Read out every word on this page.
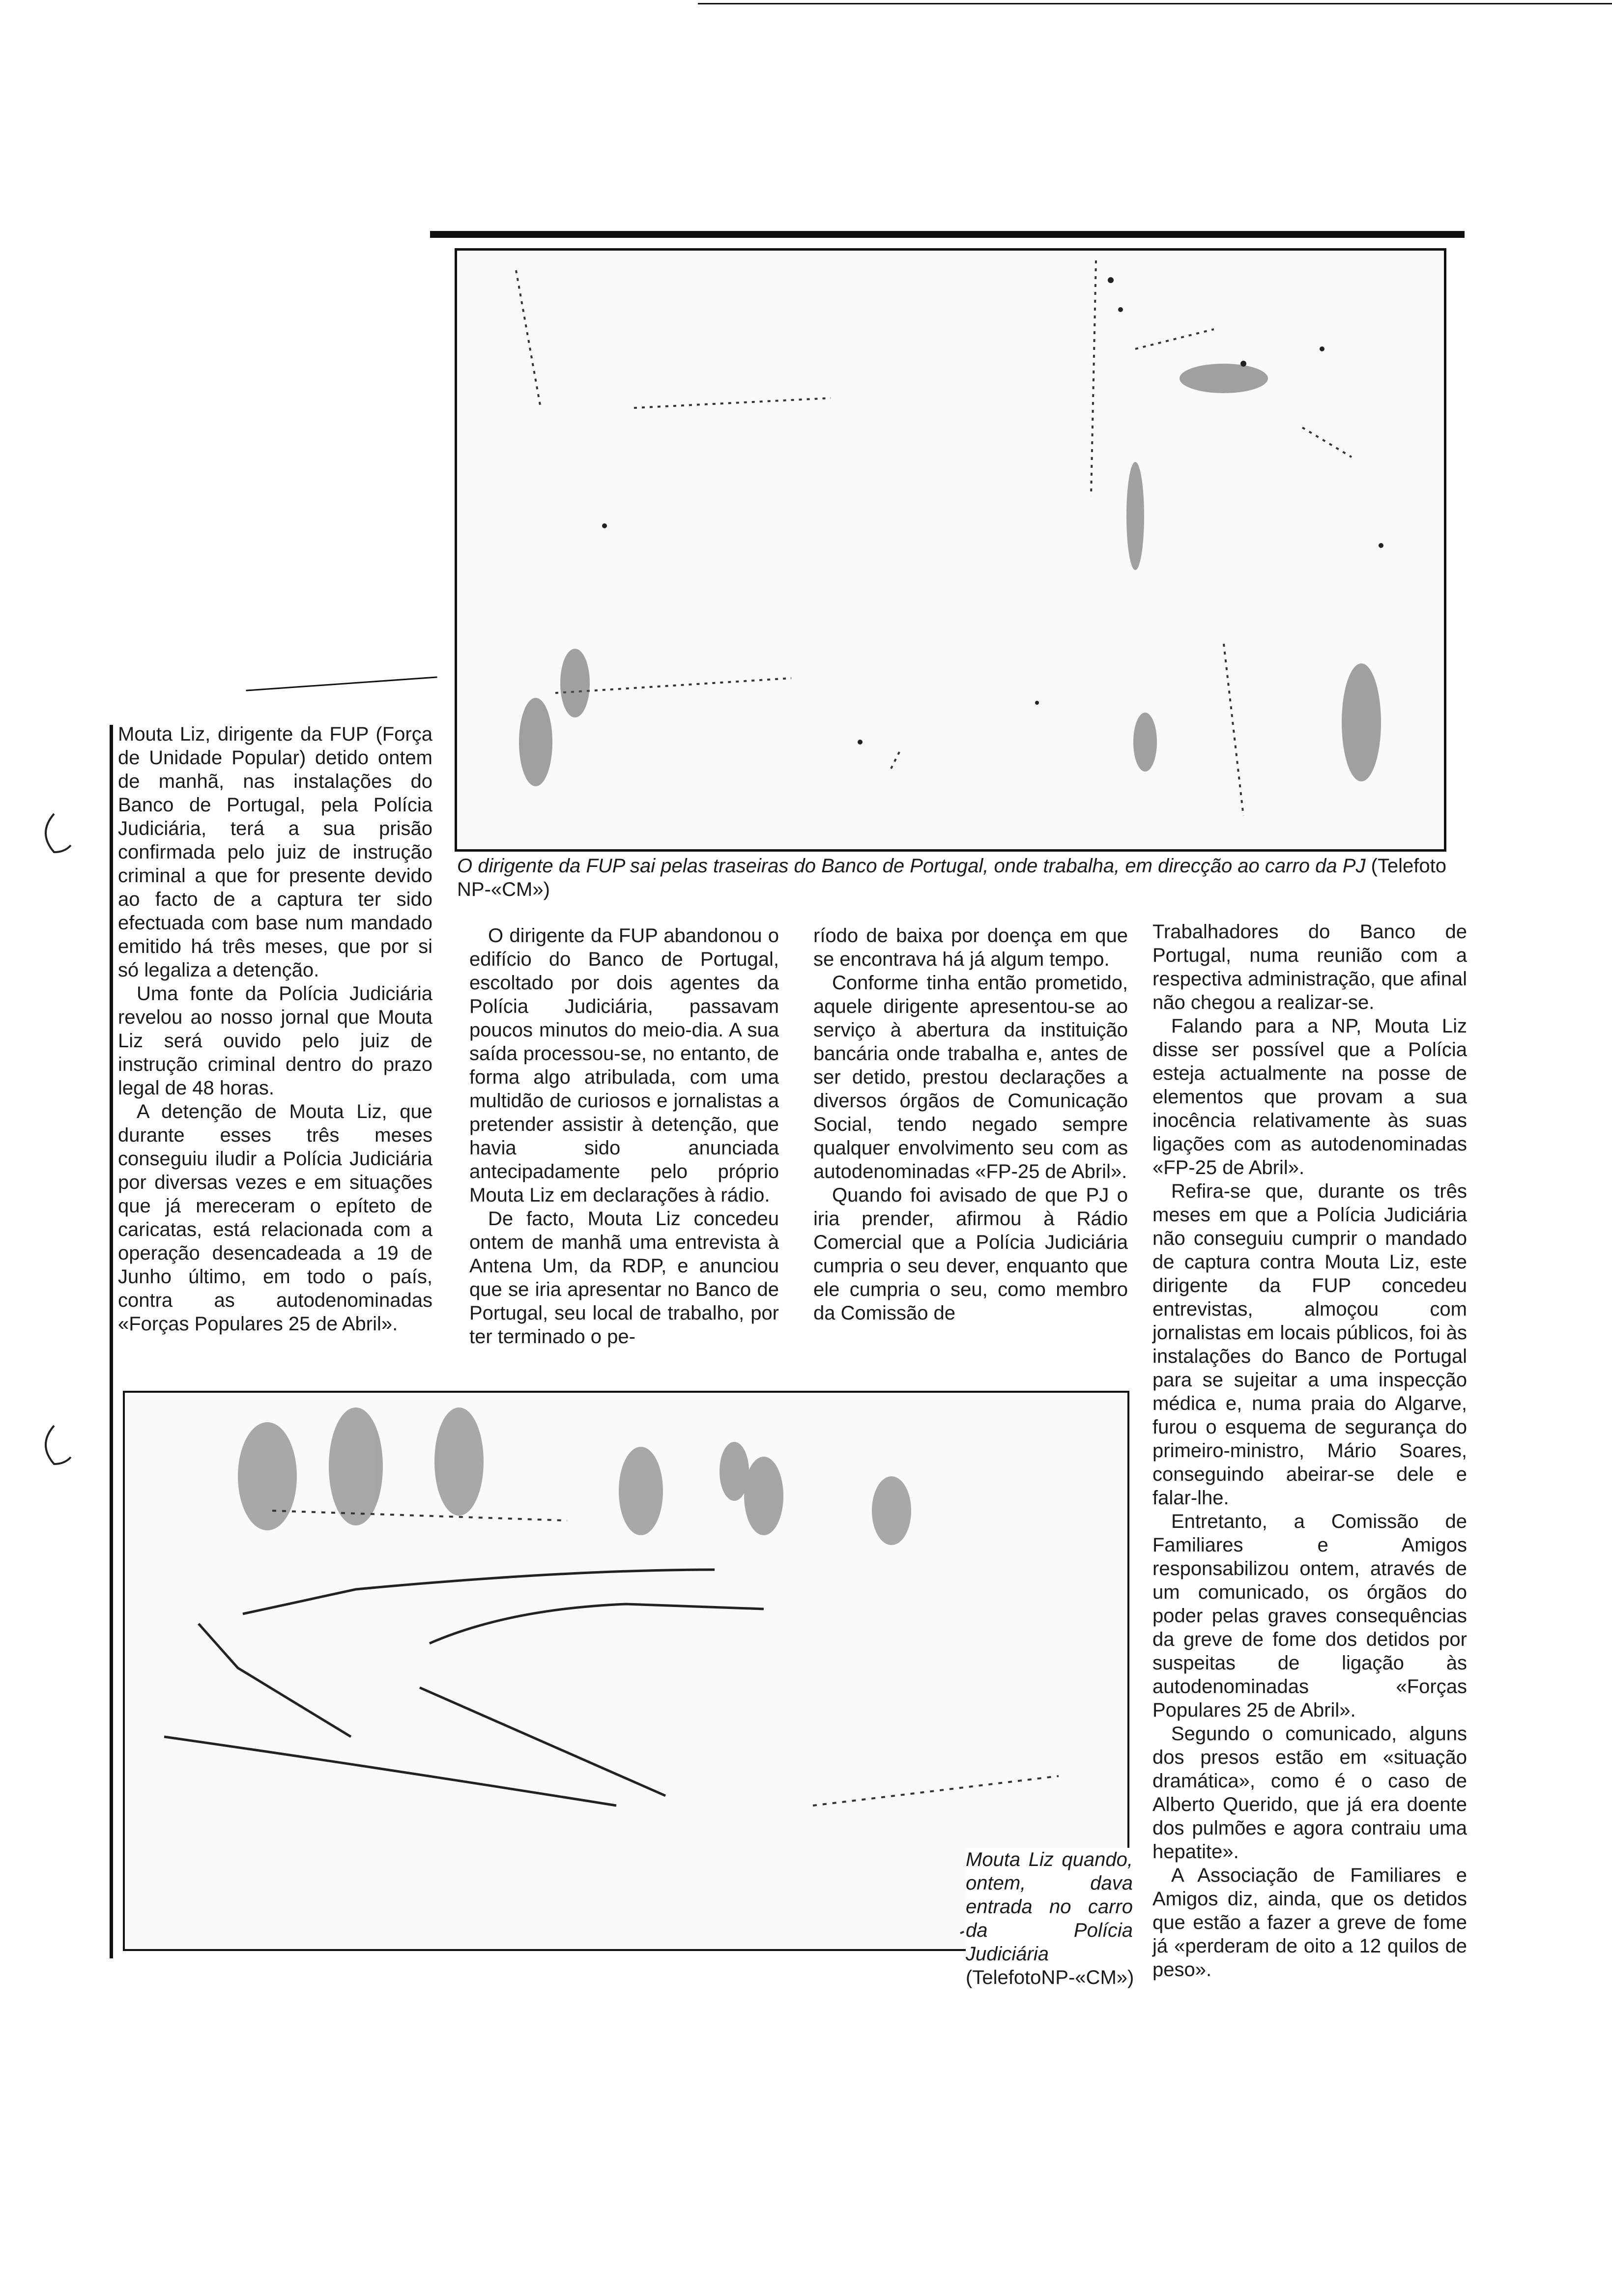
O dirigente da FUP sai pelas traseiras do Banco de Portugal, onde trabalha, em direcção ao carro da PJ (Telefoto NP-«CM»)

Mouta Liz, dirigente da FUP (Força de Unidade Popular) detido ontem de manhã, nas instalações do Banco de Portugal, pela Polícia Judiciária, terá a sua prisão confirmada pelo juiz de instrução criminal a que for presente devido ao facto de a captura ter sido efectuada com base num mandado emitido há três meses, que por si só legaliza a detenção.

Uma fonte da Polícia Judiciária revelou ao nosso jornal que Mouta Liz será ouvido pelo juiz de instrução criminal dentro do prazo legal de 48 horas.

A detenção de Mouta Liz, que durante esses três meses conseguiu iludir a Polícia Judiciária por diversas vezes e em situações que já mereceram o epíteto de caricatas, está relacionada com a operação desencadeada a 19 de Junho último, em todo o país, contra as autodenominadas «Forças Populares 25 de Abril».

O dirigente da FUP abandonou o edifício do Banco de Portugal, escoltado por dois agentes da Polícia Judiciária, passavam poucos minutos do meio-dia. A sua saída processou-se, no entanto, de forma algo atribulada, com uma multidão de curiosos e jornalistas a pretender assistir à detenção, que havia sido anunciada antecipadamente pelo próprio Mouta Liz em declarações à rádio.

De facto, Mouta Liz concedeu ontem de manhã uma entrevista à Antena Um, da RDP, e anunciou que se iria apresentar no Banco de Portugal, seu local de trabalho, por ter terminado o pe-

ríodo de baixa por doença em que se encontrava há já algum tempo.

Conforme tinha então prometido, aquele dirigente apresentou-se ao serviço à abertura da instituição bancária onde trabalha e, antes de ser detido, prestou declarações a diversos órgãos de Comunicação Social, tendo negado sempre qualquer envolvimento seu com as autodenominadas «FP-25 de Abril».

Quando foi avisado de que PJ o iria prender, afirmou à Rádio Comercial que a Polícia Judiciária cumpria o seu dever, enquanto que ele cumpria o seu, como membro da Comissão de

Trabalhadores do Banco de Portugal, numa reunião com a respectiva administração, que afinal não chegou a realizar-se.

Falando para a NP, Mouta Liz disse ser possível que a Polícia esteja actualmente na posse de elementos que provam a sua inocência relativamente às suas ligações com as autodenominadas «FP-25 de Abril».

Refira-se que, durante os três meses em que a Polícia Judiciária não conseguiu cumprir o mandado de captura contra Mouta Liz, este dirigente da FUP concedeu entrevistas, almoçou com jornalistas em locais públicos, foi às instalações do Banco de Portugal para se sujeitar a uma inspecção médica e, numa praia do Algarve, furou o esquema de segurança do primeiro-ministro, Mário Soares, conseguindo abeirar-se dele e falar-lhe.

Entretanto, a Comissão de Familiares e Amigos responsabilizou ontem, através de um comunicado, os órgãos do poder pelas graves consequências da greve de fome dos detidos por suspeitas de ligação às autodenominadas «Forças Populares 25 de Abril».

Segundo o comunicado, alguns dos presos estão em «situação dramática», como é o caso de Alberto Querido, que já era doente dos pulmões e agora contraiu uma hepatite».

A Associação de Familiares e Amigos diz, ainda, que os detidos que estão a fazer a greve de fome já «perderam de oito a 12 quilos de peso».

Mouta Liz quando, ontem, dava entrada no carro da Polícia Judiciária (TelefotoNP-«CM»)
